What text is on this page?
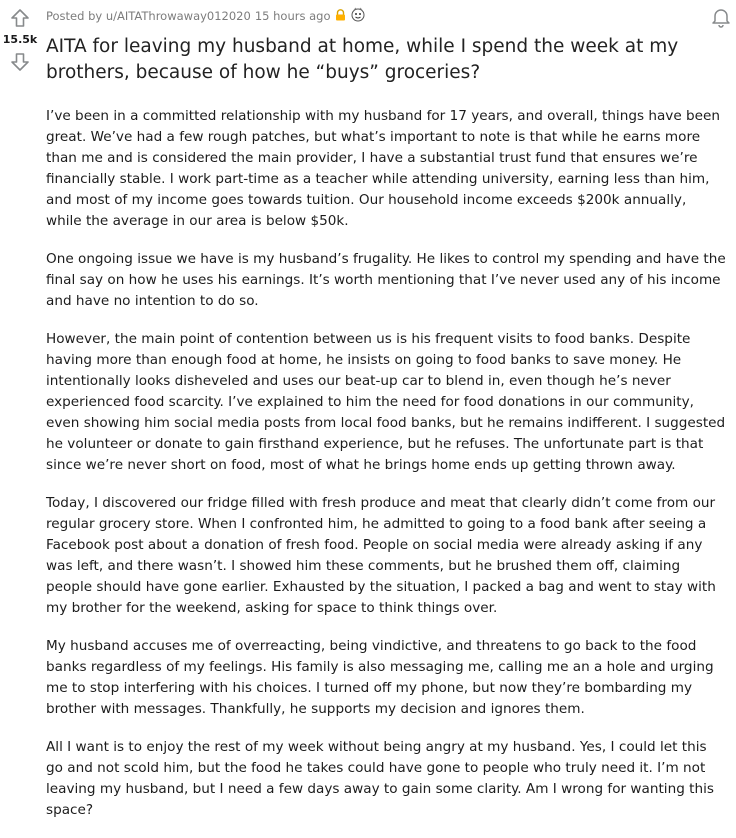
15.5k
Posted by u/AITAThrowaway012020 15 hours ago
AITA for leaving my husband at home, while I spend the week at my brothers, because of how he “buys” groceries?

I’ve been in a committed relationship with my husband for 17 years, and overall, things have been great. We’ve had a few rough patches, but what’s important to note is that while he earns more than me and is considered the main provider, I have a substantial trust fund that ensures we’re financially stable. I work part-time as a teacher while attending university, earning less than him, and most of my income goes towards tuition. Our household income exceeds $200k annually, while the average in our area is below $50k.

One ongoing issue we have is my husband’s frugality. He likes to control my spending and have the final say on how he uses his earnings. It’s worth mentioning that I’ve never used any of his income and have no intention to do so.

However, the main point of contention between us is his frequent visits to food banks. Despite having more than enough food at home, he insists on going to food banks to save money. He intentionally looks disheveled and uses our beat-up car to blend in, even though he’s never experienced food scarcity. I’ve explained to him the need for food donations in our community, even showing him social media posts from local food banks, but he remains indifferent. I suggested he volunteer or donate to gain firsthand experience, but he refuses. The unfortunate part is that since we’re never short on food, most of what he brings home ends up getting thrown away.

Today, I discovered our fridge filled with fresh produce and meat that clearly didn’t come from our regular grocery store. When I confronted him, he admitted to going to a food bank after seeing a Facebook post about a donation of fresh food. People on social media were already asking if any was left, and there wasn’t. I showed him these comments, but he brushed them off, claiming people should have gone earlier. Exhausted by the situation, I packed a bag and went to stay with my brother for the weekend, asking for space to think things over.

My husband accuses me of overreacting, being vindictive, and threatens to go back to the food banks regardless of my feelings. His family is also messaging me, calling me an a hole and urging me to stop interfering with his choices. I turned off my phone, but now they’re bombarding my brother with messages. Thankfully, he supports my decision and ignores them.

All I want is to enjoy the rest of my week without being angry at my husband. Yes, I could let this go and not scold him, but the food he takes could have gone to people who truly need it. I’m not leaving my husband, but I need a few days away to gain some clarity. Am I wrong for wanting this space?
